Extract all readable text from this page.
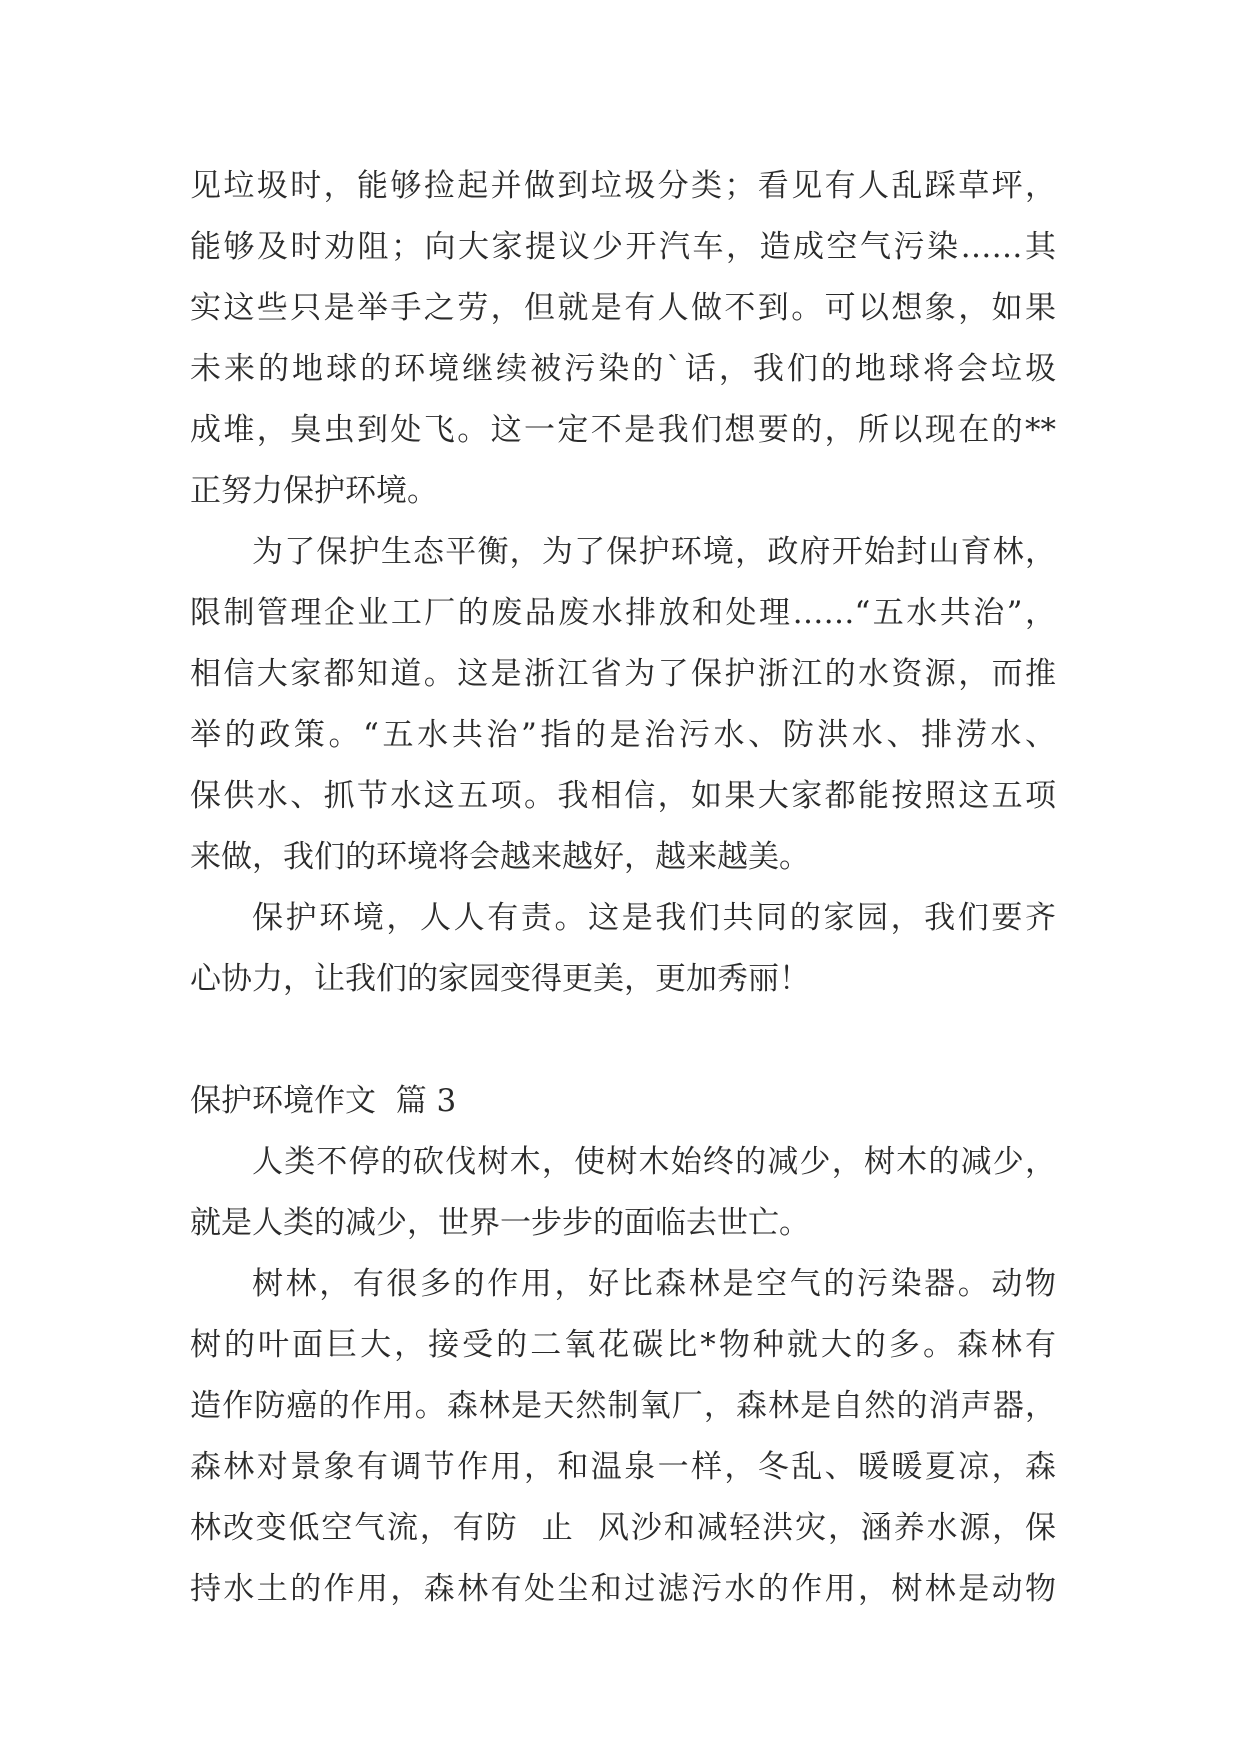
见垃圾时，能够捡起并做到垃圾分类；看见有人乱踩草坪，
能够及时劝阻；向大家提议少开汽车，造成空气污染……其
实这些只是举手之劳，但就是有人做不到。可以想象，如果
未来的地球的环境继续被污染的`话，我们的地球将会垃圾
成堆，臭虫到处飞。这一定不是我们想要的，所以现在的**
正努力保护环境。
为了保护生态平衡，为了保护环境，政府开始封山育林，
限制管理企业工厂的废品废水排放和处理……“五水共治”，
相信大家都知道。这是浙江省为了保护浙江的水资源，而推
举的政策。“五水共治”指的是治污水、防洪水、排涝水、
保供水、抓节水这五项。我相信，如果大家都能按照这五项
来做，我们的环境将会越来越好，越来越美。
保护环境，人人有责。这是我们共同的家园，我们要齐
心协力，让我们的家园变得更美，更加秀丽！
保护环境作文  篇 3
人类不停的砍伐树木，使树木始终的减少，树木的减少，
就是人类的减少，世界一步步的面临去世亡。
树林，有很多的作用，好比森林是空气的污染器。动物
树的叶面巨大，接受的二氧花碳比*物种就大的多。森林有
造作防癌的作用。森林是天然制氧厂，森林是自然的消声器，
森林对景象有调节作用，和温泉一样，冬乱、暖暖夏凉，森
林改变低空气流，有防  止  风沙和减轻洪灾，涵养水源，保
持水土的作用，森林有处尘和过滤污水的作用，树林是动物
